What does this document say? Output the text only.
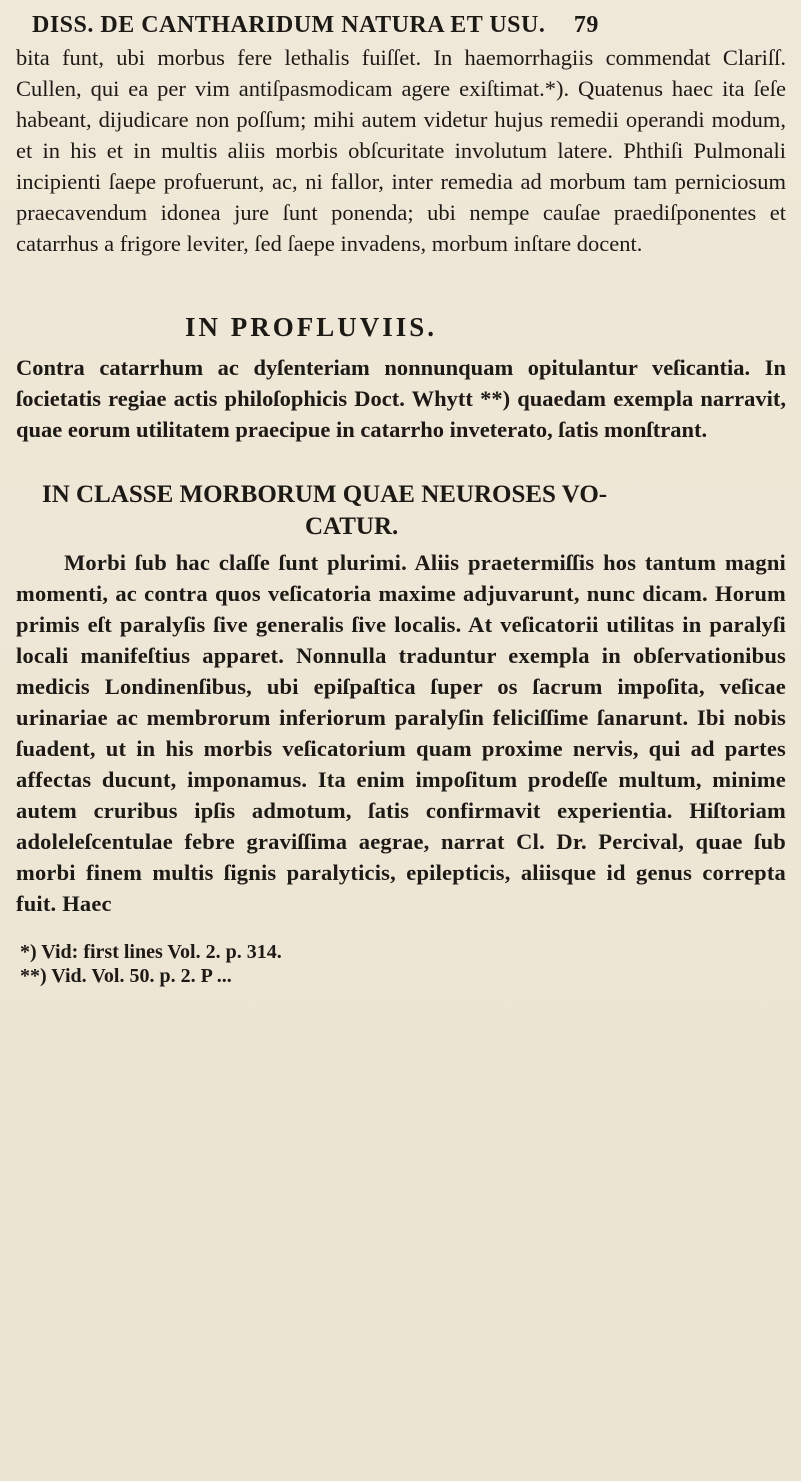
DISS. DE CANTHARIDUM NATURA ET USU. 79

bita funt, ubi morbus fere lethalis fuiſſet. In haemorrhagiis commendat Clariſſ. Cullen, qui ea per vim antiſpasmodicam agere exiſtimat.*). Quatenus haec ita ſeſe habeant, dijudicare non poſſum; mihi autem videtur hujus remedii operandi modum, et in his et in multis aliis morbis obſcuritate involutum latere. Phthiſi Pulmonali incipienti ſaepe profuerunt, ac, ni fallor, inter remedia ad morbum tam perniciosum praecavendum idonea jure ſunt ponenda; ubi nempe cauſae praediſponentes et catarrhus a frigore leviter, ſed ſaepe invadens, morbum inſtare docent.

IN PROFLUVIIS.

Contra catarrhum ac dyſenteriam nonnunquam opitulantur veſicantia. In ſocietatis regiae actis philoſophicis Doct. Whytt **) quaedam exempla narravit, quae eorum utilitatem praecipue in catarrho inveterato, ſatis monſtrant.

IN CLASSE MORBORUM QUAE NEUROSES VO-
CATUR.

Morbi ſub hac claſſe ſunt plurimi. Aliis praetermiſſis hos tantum magni momenti, ac contra quos veſicatoria maxime adjuvarunt, nunc dicam. Horum primis eſt paralyſis ſive generalis ſive localis. At veſicatorii utilitas in paralyſi locali manifeſtius apparet. Nonnulla traduntur exempla in obſervationibus medicis Londinenſibus, ubi epiſpaſtica ſuper os ſacrum impoſita, veſicae urinariae ac membrorum inferiorum paralyſin feliciſſime ſanarunt. Ibi nobis ſuadent, ut in his morbis veſicatorium quam proxime nervis, qui ad partes affectas ducunt, imponamus. Ita enim impoſitum prodeſſe multum, minime autem cruribus ipſis admotum, ſatis confirmavit experientia. Hiſtoriam adoleleſcentulae febre graviſſima aegrae, narrat Cl. Dr. Percival, quae ſub morbi finem multis ſignis paralyticis, epilepticis, aliisque id genus correpta fuit. Haec

*) Vid: first lines Vol. 2. p. 314.
**) Vid. Vol. 50. p. 2. P ...
